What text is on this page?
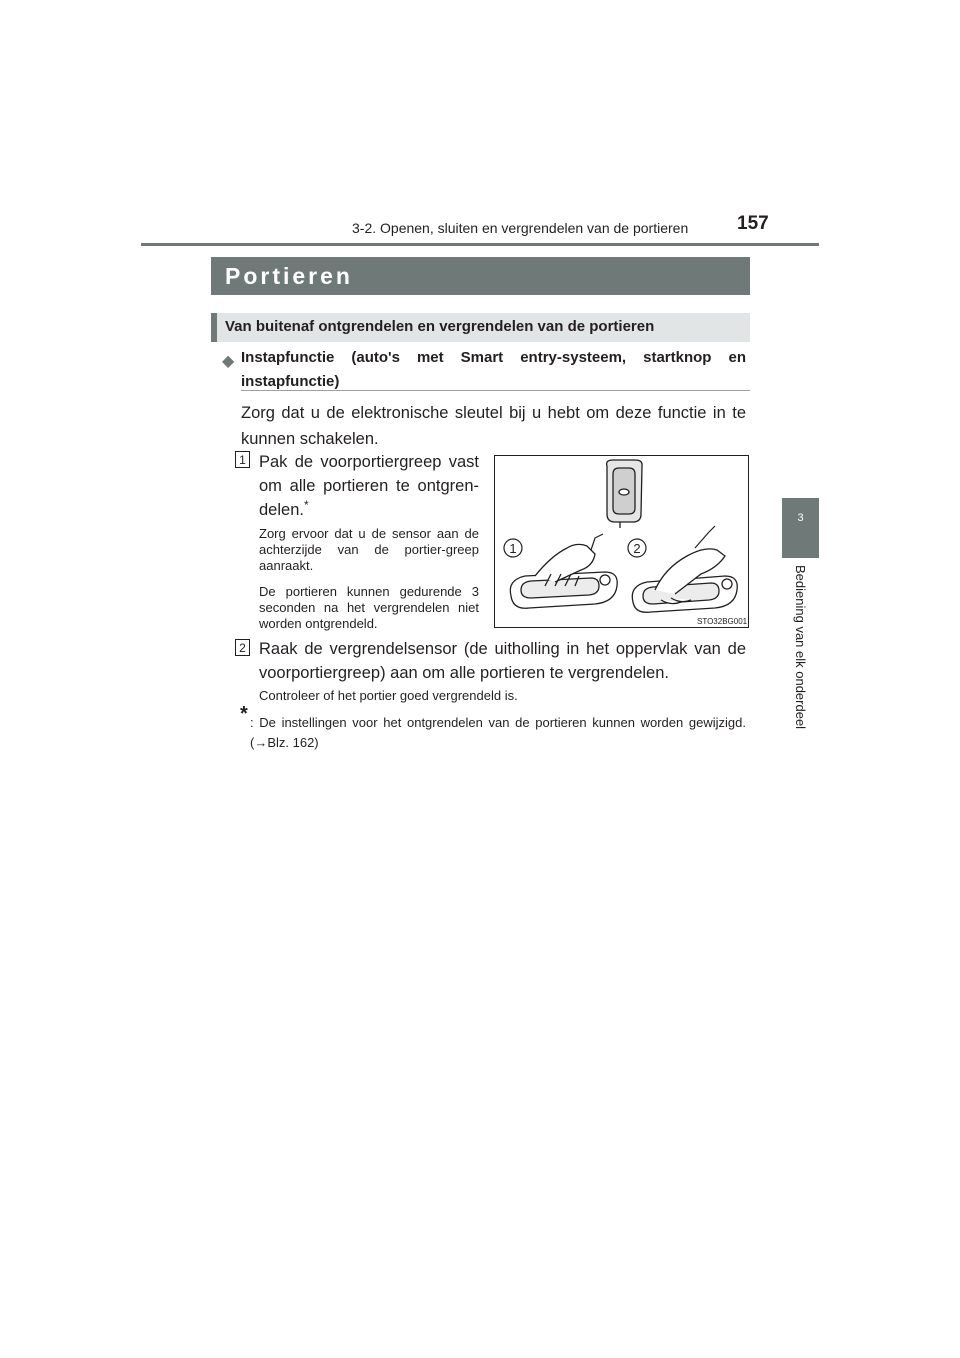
3-2. Openen, sluiten en vergrendelen van de portieren	157
3
Bediening van elk onderdeel
Portieren
Van buitenaf ontgrendelen en vergrendelen van de portieren
◆ Instapfunctie (auto's met Smart entry-systeem, startknop en instapfunctie)
Zorg dat u de elektronische sleutel bij u hebt om deze functie in te kunnen schakelen.
1 Pak de voorportiergreep vast om alle portieren te ontgren-delen.*
Zorg ervoor dat u de sensor aan de achterzijde van de portier-greep aanraakt.
De portieren kunnen gedurende 3 seconden na het vergrendelen niet worden ontgrendeld.
1	2
STO32BG001
2 Raak de vergrendelsensor (de uitholling in het oppervlak van de voorportiergreep) aan om alle portieren te vergrendelen.
Controleer of het portier goed vergrendeld is.
* : De instellingen voor het ontgrendelen van de portieren kunnen worden gewijzigd. (→Blz. 162)
